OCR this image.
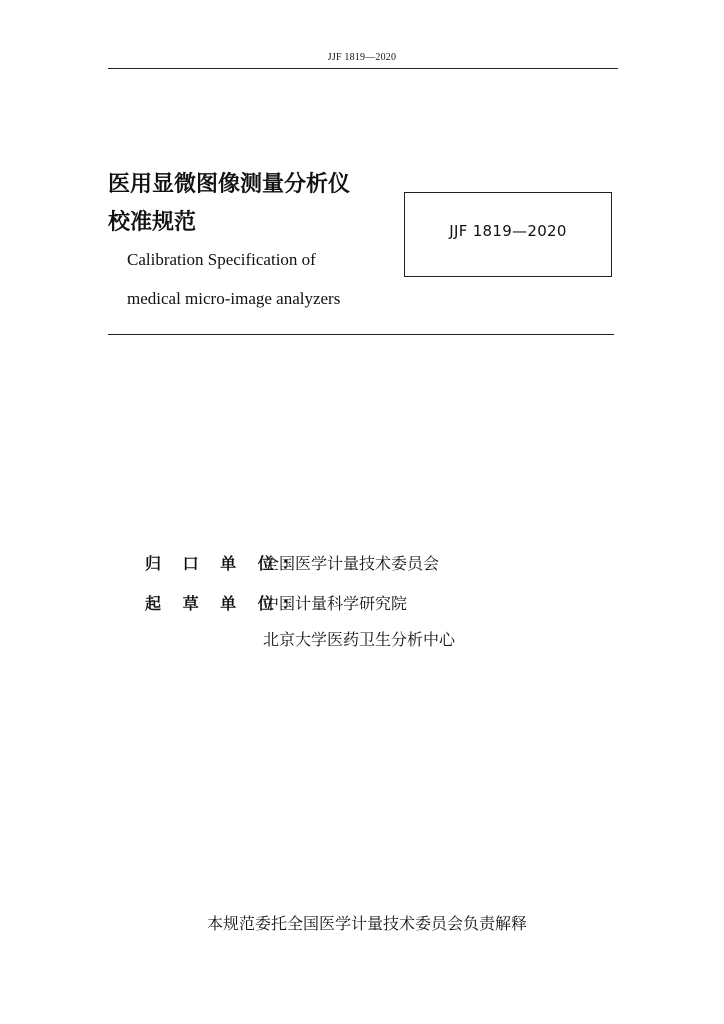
JJF 1819—2020
医用显微图像测量分析仪
校准规范
Calibration Specification of
medical micro-image analyzers
JJF 1819—2020
归 口 单 位：
全国医学计量技术委员会
起 草 单 位：
中国计量科学研究院
北京大学医药卫生分析中心
本规范委托全国医学计量技术委员会负责解释
